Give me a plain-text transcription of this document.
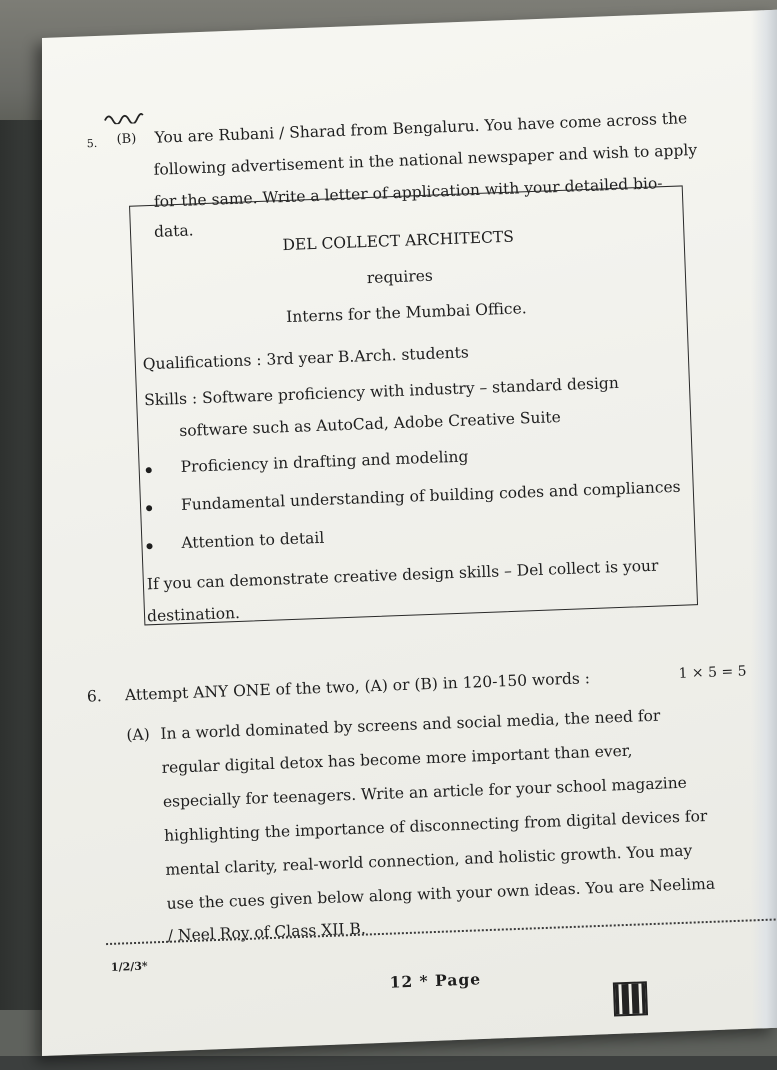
5. (B) You are Rubani / Sharad from Bengaluru. You have come across the
following advertisement in the national newspaper and wish to apply
for the same. Write a letter of application with your detailed bio-
data.	DEL COLLECT ARCHITECTS
requires
Interns for the Mumbai Office.
Qualifications : 3rd year B.Arch. students
Skills : Software proficiency with industry – standard design
software such as AutoCad, Adobe Creative Suite
Proficiency in drafting and modeling
Fundamental understanding of building codes and compliances
Attention to detail
If you can demonstrate creative design skills – Del collect is your
destination.
6. Attempt ANY ONE of the two, (A) or (B) in 120-150 words :	1 × 5 = 5
(A) In a world dominated by screens and social media, the need for
regular digital detox has become more important than ever,
especially for teenagers. Write an article for your school magazine
highlighting the importance of disconnecting from digital devices for
mental clarity, real-world connection, and holistic growth. You may
use the cues given below along with your own ideas. You are Neelima
/ Neel Roy of Class XII B.
1/2/3*
12 * Page
